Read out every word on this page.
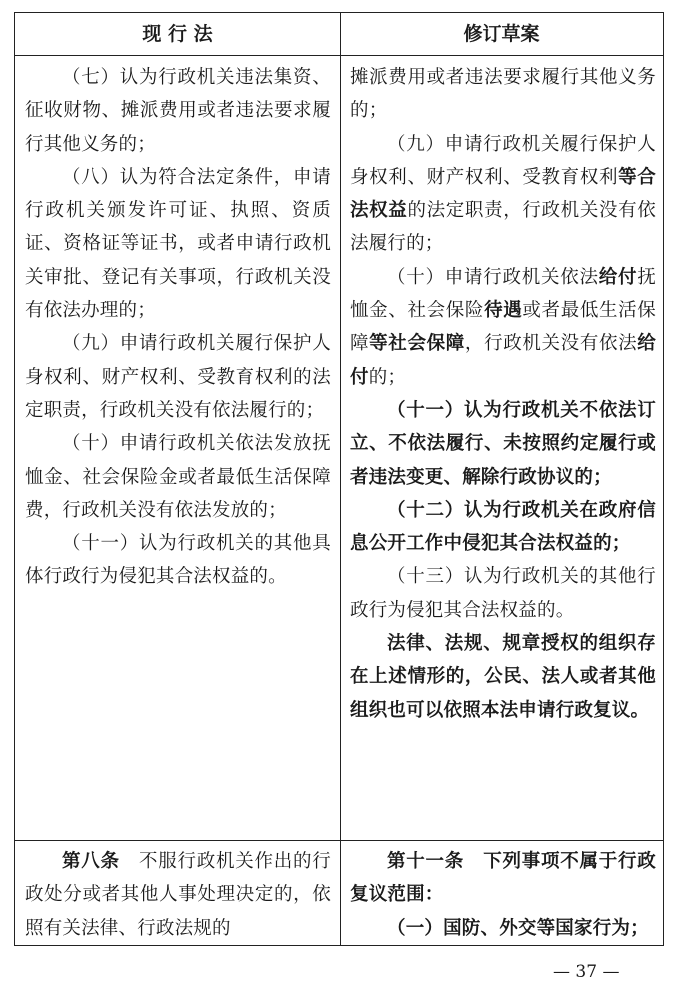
现 行 法	修订草案

（七）认为行政机关违法集资、征收财物、摊派费用或者违法要求履行其他义务的；

（八）认为符合法定条件，申请行政机关颁发许可证、执照、资质证、资格证等证书，或者申请行政机关审批、登记有关事项，行政机关没有依法办理的；

（九）申请行政机关履行保护人身权利、财产权利、受教育权利的法定职责，行政机关没有依法履行的；

（十）申请行政机关依法发放抚恤金、社会保险金或者最低生活保障费，行政机关没有依法发放的；

（十一）认为行政机关的其他具体行政行为侵犯其合法权益的。

摊派费用或者违法要求履行其他义务的；

（九）申请行政机关履行保护人身权利、财产权利、受教育权利等合法权益的法定职责，行政机关没有依法履行的；

（十）申请行政机关依法给付抚恤金、社会保险待遇或者最低生活保障等社会保障，行政机关没有依法给付的；

（十一）认为行政机关不依法订立、不依法履行、未按照约定履行或者违法变更、解除行政协议的；

（十二）认为行政机关在政府信息公开工作中侵犯其合法权益的；

（十三）认为行政机关的其他行政行为侵犯其合法权益的。

法律、法规、规章授权的组织存在上述情形的，公民、法人或者其他组织也可以依照本法申请行政复议。

第八条　不服行政机关作出的行政处分或者其他人事处理决定的，依照有关法律、行政法规的

第十一条　下列事项不属于行政复议范围：

（一）国防、外交等国家行为；

— 37 —
